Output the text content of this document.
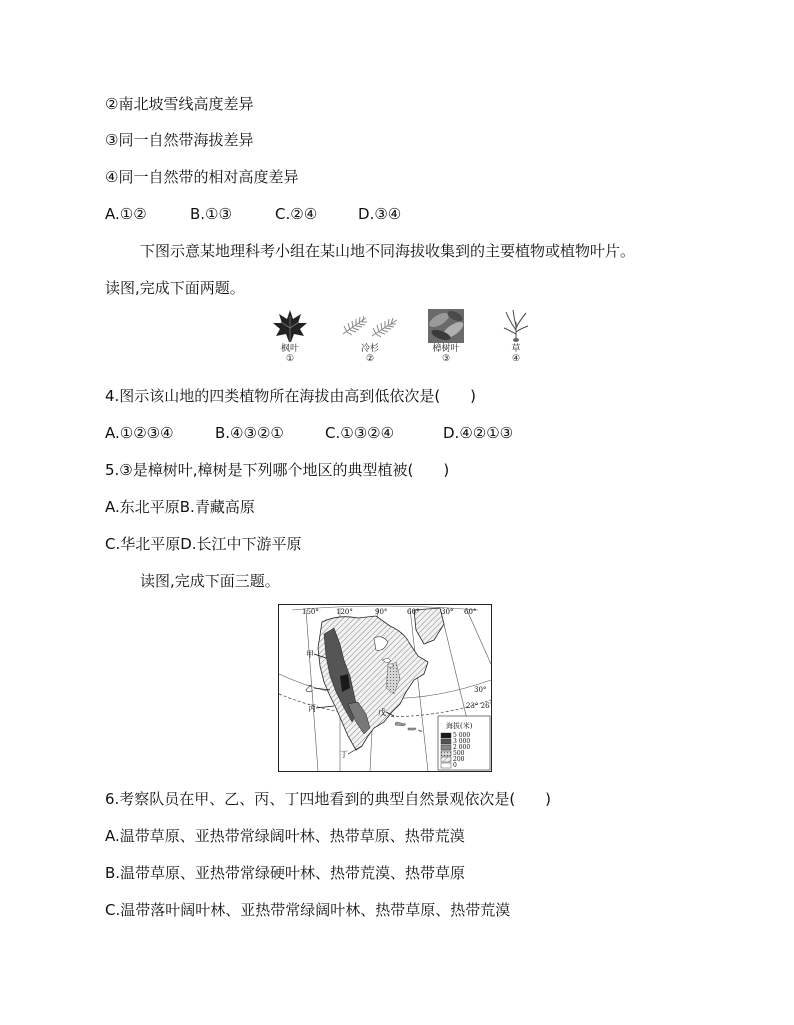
②南北坡雪线高度差异
③同一自然带海拔差异
④同一自然带的相对高度差异
A.①②	B.①③	C.②④	D.③④
下图示意某地理科考小组在某山地不同海拔收集到的主要植物或植物叶片。
读图,完成下面两题。
枫叶
①
冷杉
②
樟树叶
③
草
④
4.图示该山地的四类植物所在海拔由高到低依次是(　　)
A.①②③④	B.④③②①	C.①③②④	D.④②①③
5.③是樟树叶,樟树是下列哪个地区的典型植被(　　)
A.东北平原B.青藏高原
C.华北平原D.长江中下游平原
读图,完成下面三题。
150° 120°	90°	60°	30° 60°
30°
23° 26′
甲
乙
丙
丁
戊
海拔(米)
5 000
3 000
2 000
500
200
0
6.考察队员在甲、乙、丙、丁四地看到的典型自然景观依次是(　　)
A.温带草原、亚热带常绿阔叶林、热带草原、热带荒漠
B.温带草原、亚热带常绿硬叶林、热带荒漠、热带草原
C.温带落叶阔叶林、亚热带常绿阔叶林、热带草原、热带荒漠
